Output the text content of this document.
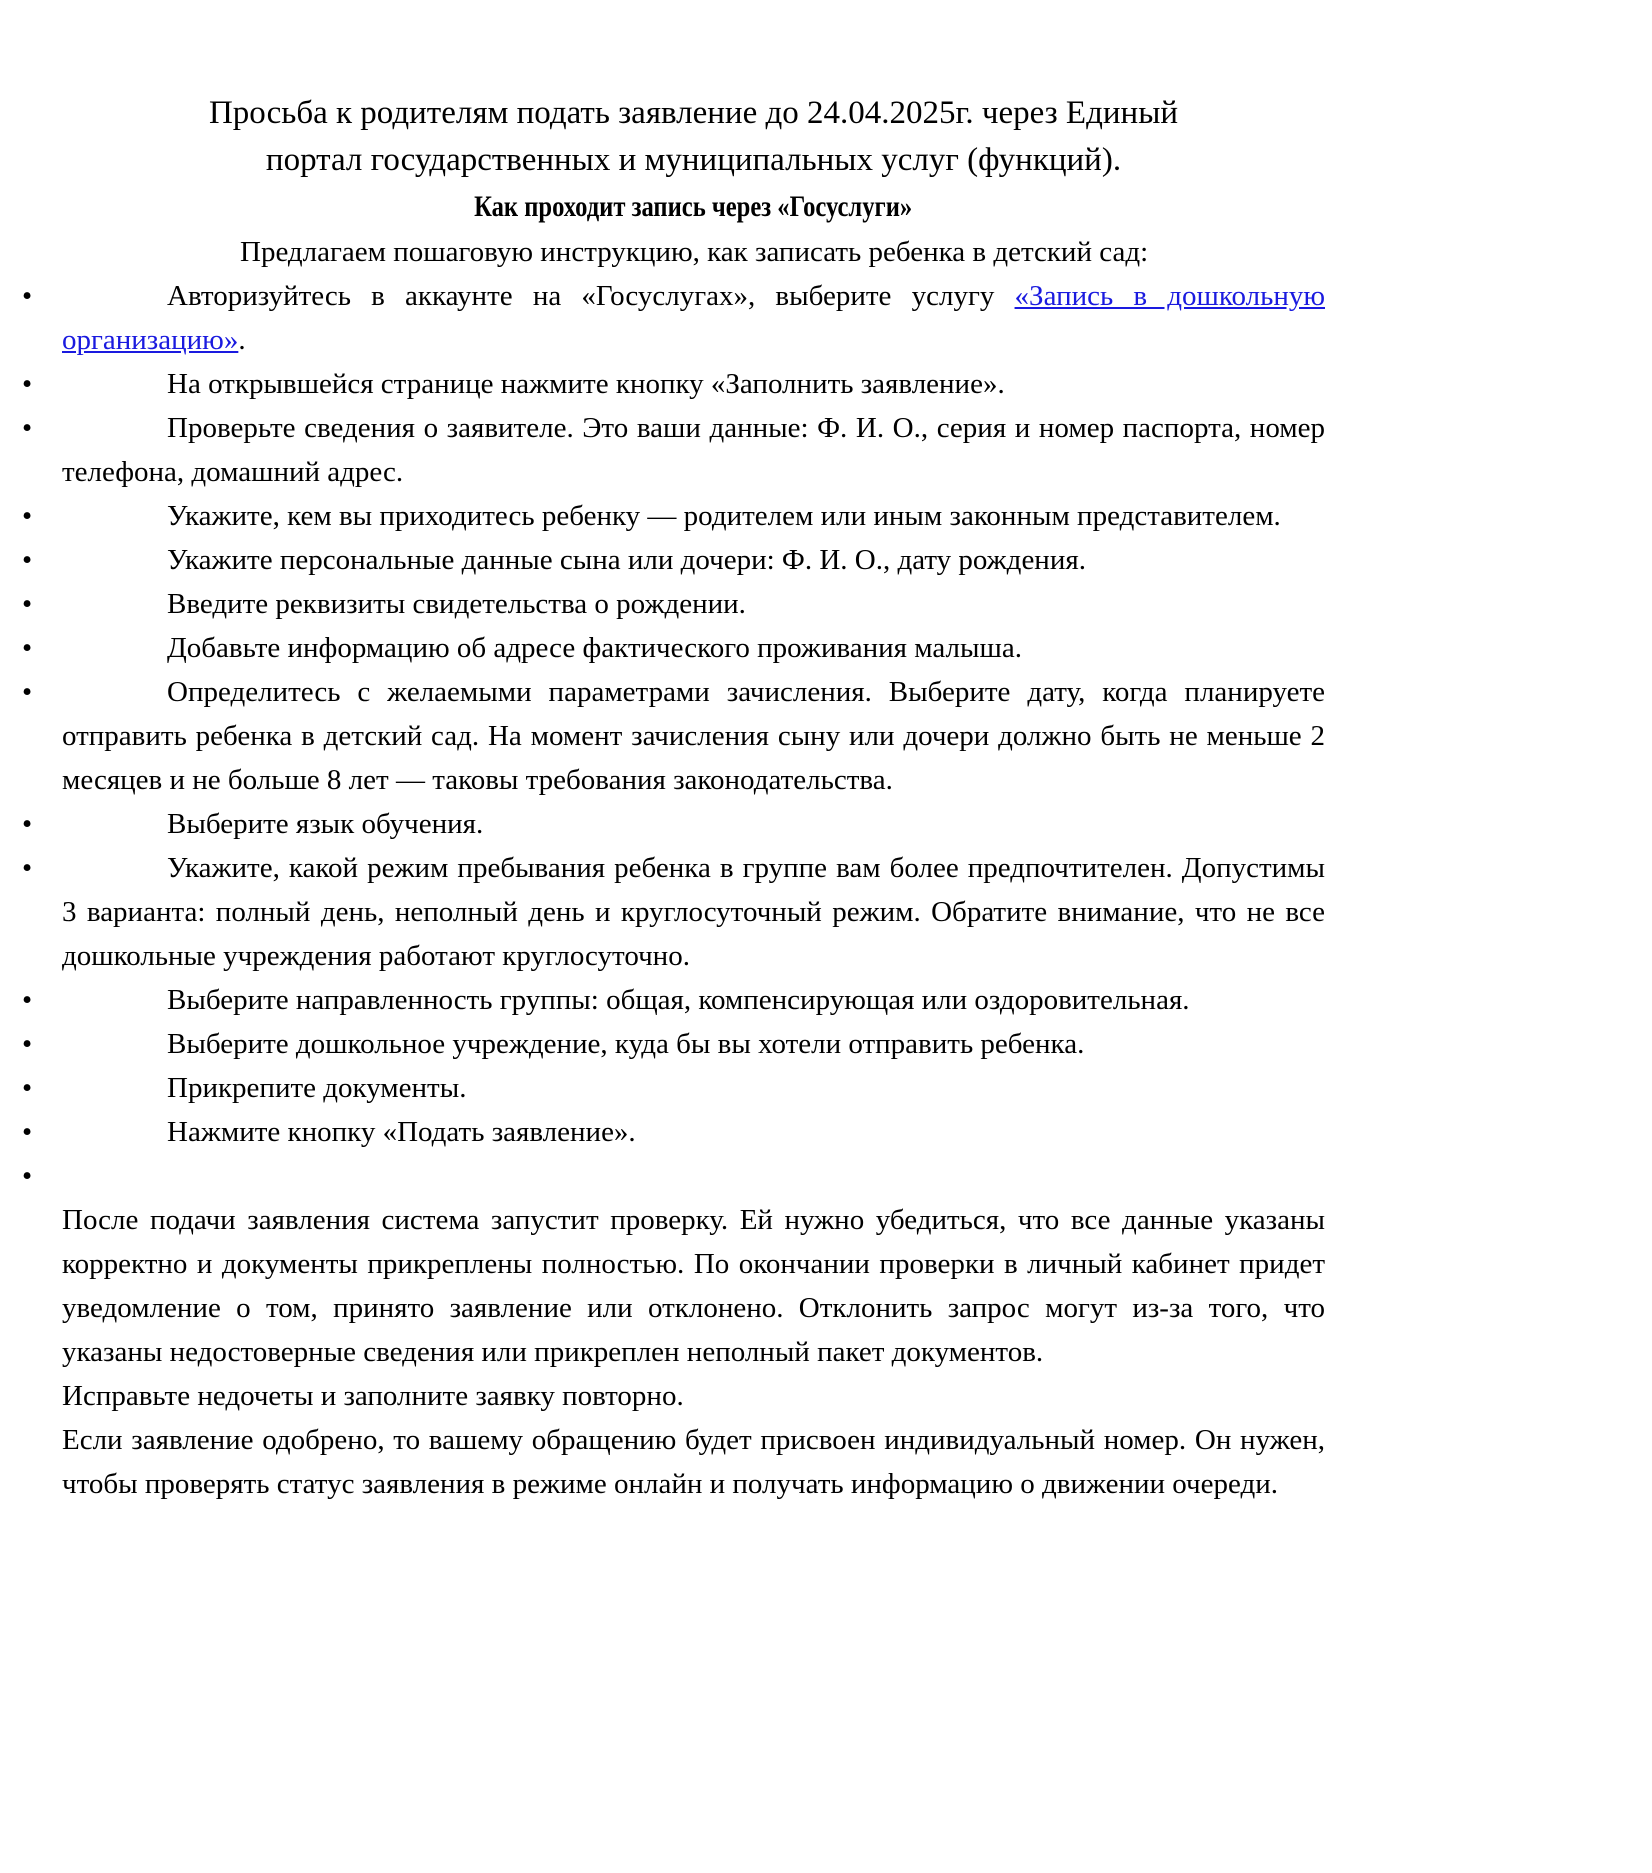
Просьба к родителям подать заявление до 24.04.2025г. через Единый
портал государственных и муниципальных услуг (функций).
Как проходит запись через «Госуслуги»

Предлагаем пошаговую инструкцию, как записать ребенка в детский сад:

• Авторизуйтесь в аккаунте на «Госуслугах», выберите услугу «Запись в дошкольную организацию».
• На открывшейся странице нажмите кнопку «Заполнить заявление».
• Проверьте сведения о заявителе. Это ваши данные: Ф. И. О., серия и номер паспорта, номер телефона, домашний адрес.
• Укажите, кем вы приходитесь ребенку — родителем или иным законным представителем.
• Укажите персональные данные сына или дочери: Ф. И. О., дату рождения.
• Введите реквизиты свидетельства о рождении.
• Добавьте информацию об адресе фактического проживания малыша.
• Определитесь с желаемыми параметрами зачисления. Выберите дату, когда планируете отправить ребенка в детский сад. На момент зачисления сыну или дочери должно быть не меньше 2 месяцев и не больше 8 лет — таковы требования законодательства.
• Выберите язык обучения.
• Укажите, какой режим пребывания ребенка в группе вам более предпочтителен. Допустимы 3 варианта: полный день, неполный день и круглосуточный режим. Обратите внимание, что не все дошкольные учреждения работают круглосуточно.
• Выберите направленность группы: общая, компенсирующая или оздоровительная.
• Выберите дошкольное учреждение, куда бы вы хотели отправить ребенка.
• Прикрепите документы.
• Нажмите кнопку «Подать заявление».
•

После подачи заявления система запустит проверку. Ей нужно убедиться, что все данные указаны корректно и документы прикреплены полностью. По окончании проверки в личный кабинет придет уведомление о том, принято заявление или отклонено. Отклонить запрос могут из-за того, что указаны недостоверные сведения или прикреплен неполный пакет документов.

Исправьте недочеты и заполните заявку повторно.

Если заявление одобрено, то вашему обращению будет присвоен индивидуальный номер. Он нужен, чтобы проверять статус заявления в режиме онлайн и получать информацию о движении очереди.
